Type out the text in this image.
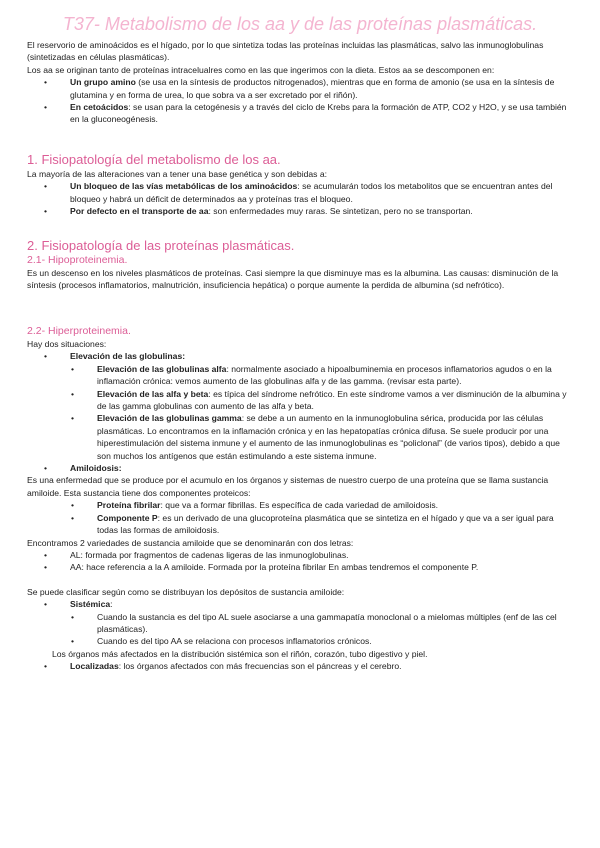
T37- Metabolismo de los aa y de las proteínas plasmáticas.

El reservorio de aminoácidos es el hígado, por lo que sintetiza todas las proteínas incluidas las plasmáticas, salvo las inmunoglobulinas (sintetizadas en células plasmáticas).

Los aa se originan tanto de proteínas intracelualres como en las que ingerimos con la dieta. Estos aa se descomponen en:

• Un grupo amino (se usa en la síntesis de productos nitrogenados), mientras que en forma de amonio (se usa en la síntesis de glutamina y en forma de urea, lo que sobra va a ser excretado por el riñón).
• En cetoácidos: se usan para la cetogénesis y a través del ciclo de Krebs para la formación de ATP, CO2 y H2O, y se usa también en la gluconeogénesis.

1. Fisiopatología del metabolismo de los aa.

La mayoría de las alteraciones van a tener una base genética y son debidas a:

• Un bloqueo de las vías metabólicas de los aminoácidos: se acumularán todos los metabolitos que se encuentran antes del bloqueo y habrá un déficit de determinados aa y proteínas tras el bloqueo.
• Por defecto en el transporte de aa: son enfermedades muy raras. Se sintetizan, pero no se transportan.

2. Fisiopatología de las proteínas plasmáticas.

2.1- Hipoproteinemia.

Es un descenso en los niveles plasmáticos de proteínas. Casi siempre la que disminuye mas es la albumina. Las causas: disminución de la síntesis (procesos inflamatorios, malnutrición, insuficiencia hepática) o porque aumente la perdida de albumina (sd nefrótico).

2.2- Hiperproteinemia.

Hay dos situaciones:

• Elevación de las globulinas:
• Elevación de las globulinas alfa: normalmente asociado a hipoalbuminemia en procesos inflamatorios agudos o en la inflamación crónica: vemos aumento de las globulinas alfa y de las gamma. (revisar esta parte).
• Elevación de las alfa y beta: es típica del síndrome nefrótico. En este síndrome vamos a ver disminución de la albumina y de las gamma globulinas con aumento de las alfa y beta.
• Elevación de las globulinas gamma: se debe a un aumento en la inmunoglobulina sérica, producida por las células plasmáticas. Lo encontramos en la inflamación crónica y en las hepatopatías crónica difusa. Se suele producir por una hiperestimulación del sistema inmune y el aumento de las inmunoglobulinas es “policlonal” (de varios tipos), debido a que son muchos los antígenos que están estimulando a este sistema inmune.
• Amiloidosis:

Es una enfermedad que se produce por el acumulo en los órganos y sistemas de nuestro cuerpo de una proteína que se llama sustancia amiloide. Esta sustancia tiene dos componentes proteicos:

• Proteína fibrilar: que va a formar fibrillas. Es específica de cada variedad de amiloidosis.
• Componente P: es un derivado de una glucoproteína plasmática que se sintetiza en el hígado y que va a ser igual para todas las formas de amiloidosis.

Encontramos 2 variedades de sustancia amiloide que se denominarán con dos letras:

• AL: formada por fragmentos de cadenas ligeras de las inmunoglobulinas.
• AA: hace referencia a la A amiloide. Formada por la proteína fibrilar En ambas tendremos el componente P.

Se puede clasificar según como se distribuyan los depósitos de sustancia amiloide:

• Sistémica:
• Cuando la sustancia es del tipo AL suele asociarse a una gammapatía monoclonal o a mielomas múltiples (enf de las cel plasmáticas).
• Cuando es del tipo AA se relaciona con procesos inflamatorios crónicos.

Los órganos más afectados en la distribución sistémica son el riñón, corazón, tubo digestivo y piel.

• Localizadas: los órganos afectados con más frecuencias son el páncreas y el cerebro.
